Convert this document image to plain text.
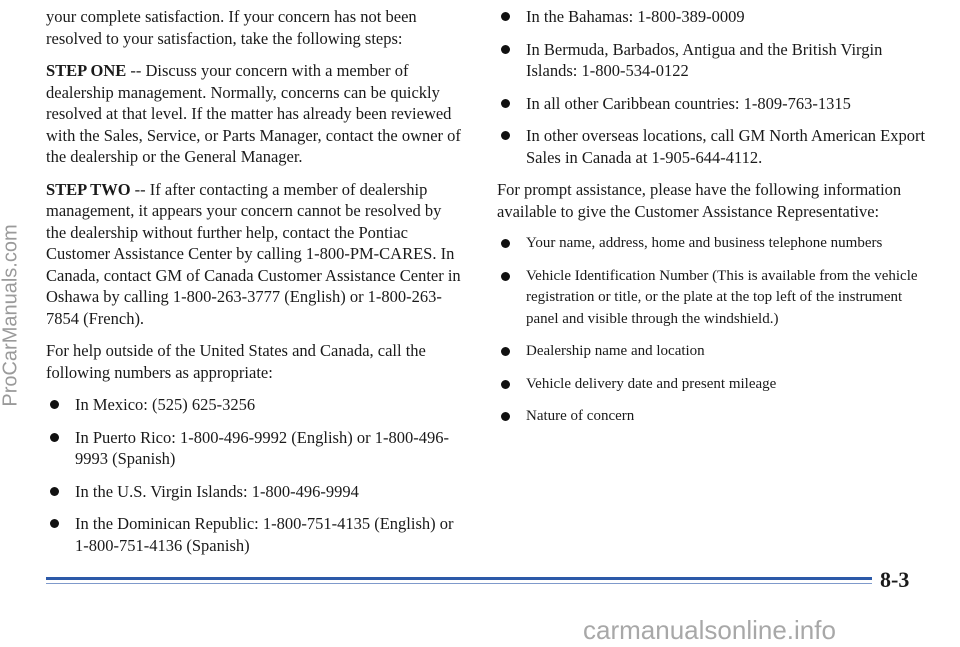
ProCarManuals.com

your complete satisfaction. If your concern has not been resolved to your satisfaction, take the following steps:

STEP ONE -- Discuss your concern with a member of dealership management. Normally, concerns can be quickly resolved at that level. If the matter has already been reviewed with the Sales, Service, or Parts Manager, contact the owner of the dealership or the General Manager.

STEP TWO -- If after contacting a member of dealership management, it appears your concern cannot be resolved by the dealership without further help, contact the Pontiac Customer Assistance Center by calling 1-800-PM-CARES. In Canada, contact GM of Canada Customer Assistance Center in Oshawa by calling 1-800-263-3777 (English) or 1-800-263-7854 (French).

For help outside of the United States and Canada, call the following numbers as appropriate:

In Mexico: (525) 625-3256
In Puerto Rico: 1-800-496-9992 (English) or 1-800-496-9993 (Spanish)
In the U.S. Virgin Islands: 1-800-496-9994
In the Dominican Republic: 1-800-751-4135 (English) or 1-800-751-4136 (Spanish)
In the Bahamas: 1-800-389-0009
In Bermuda, Barbados, Antigua and the British Virgin Islands: 1-800-534-0122
In all other Caribbean countries: 1-809-763-1315
In other overseas locations, call GM North American Export Sales in Canada at 1-905-644-4112.

For prompt assistance, please have the following information available to give the Customer Assistance Representative:

Your name, address, home and business telephone numbers
Vehicle Identification Number (This is available from the vehicle registration or title, or the plate at the top left of the instrument panel and visible through the windshield.)
Dealership name and location
Vehicle delivery date and present mileage
Nature of concern
8-3
carmanualsonline.info
